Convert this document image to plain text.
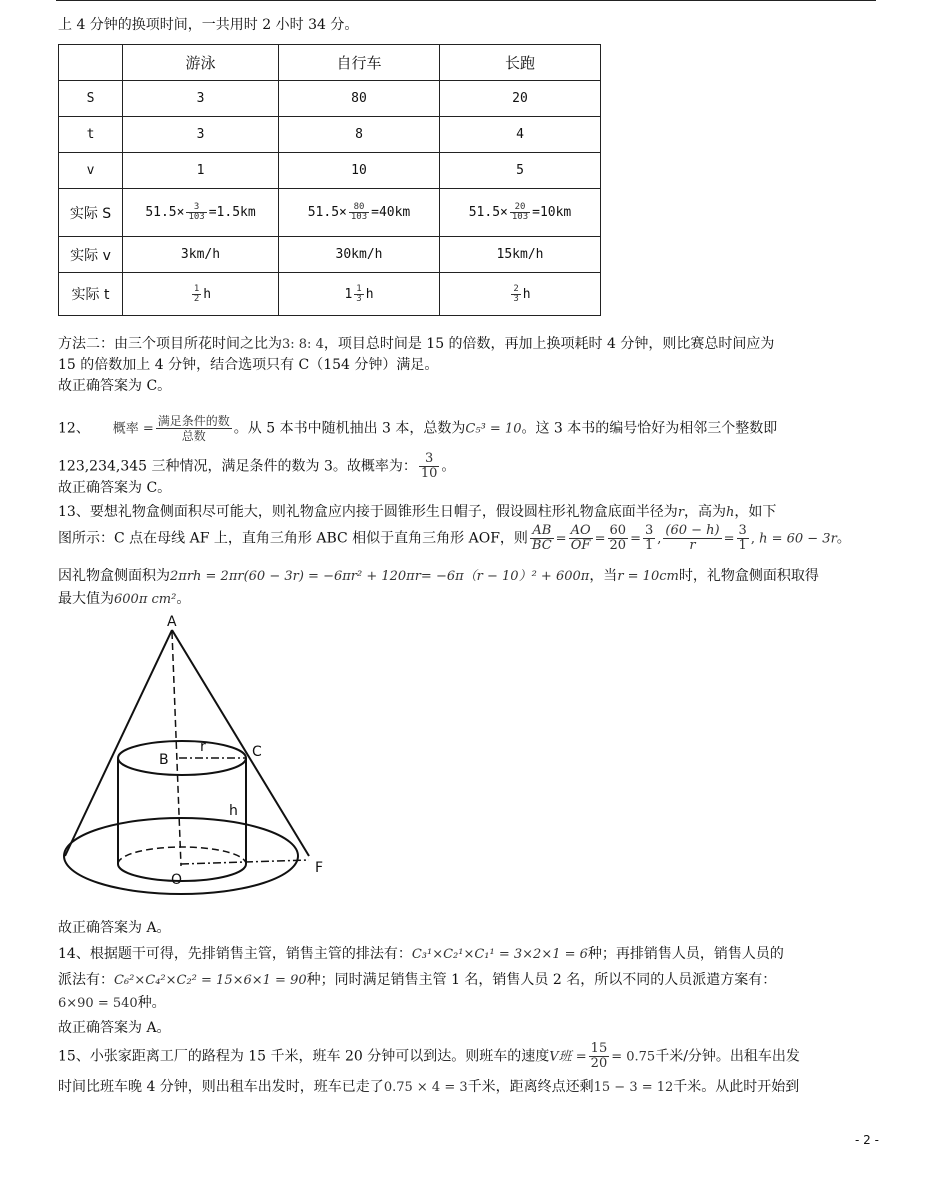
上 4 分钟的换项时间，一共用时 2 小时 34 分。
	游泳	自行车	长跑
S	3	80	20
t	3	8	4
v	1	10	5
实际 S	$51.5\times \frac{3}{103} =1.5km$	$51.5\times \frac{80}{103} =40km$	$51.5\times \frac{20}{103} =10km$
实际 v	3km/h	30km/h	15km/h
实际 t	$\frac{1}{2}$ h	$1 \frac{1}{3}$ h	$\frac{2}{3}$ h
方法二：由三个项目所花时间之比为3: 8: 4，项目总时间是 15 的倍数，再加上换项耗时 4 分钟，则比赛总时间应为
15 的倍数加上 4 分钟，结合选项只有 C（154 分钟）满足。
故正确答案为 C。
12、 概率 = $\frac{\text{满足条件的数}}{\text{总数}}$ 。从 5 本书中随机抽出 3 本，总数为C₅³ = 10。这 3 本书的编号恰好为相邻三个整数即
123,234,345 三种情况，满足条件的数为 3。故概率为： $\frac{3}{10}$ 。
故正确答案为 C。
13、要想礼物盒侧面积尽可能大，则礼物盒应内接于圆锥形生日帽子，假设圆柱形礼物盒底面半径为r，高为h，如下
图所示：C 点在母线 AF 上，直角三角形 ABC 相似于直角三角形 AOF，则 $\frac{AB}{BC} = \frac{AO}{OF} = \frac{60}{20} = \frac{3}{1}$ , $\frac{(60 - h)}{r} = \frac{3}{1}$ , h = 60 − 3r。
因礼物盒侧面积为2πrh = 2πr(60 − 3r) = −6πr² + 120πr= −6π（r − 10）² + 600π，当r = 10cm时，礼物盒侧面积取得
最大值为600π cm²。
A
B
r	C
h
O
F
故正确答案为 A。
14、根据题干可得，先排销售主管，销售主管的排法有：C₃¹×C₂¹×C₁¹ = 3×2×1 = 6种；再排销售人员，销售人员的
派法有：C₆²×C₄²×C₂² = 15×6×1 = 90种；同时满足销售主管 1 名，销售人员 2 名，所以不同的人员派遣方案有：
6×90 = 540种。
故正确答案为 A。
15、小张家距离工厂的路程为 15 千米，班车 20 分钟可以到达。则班车的速度V班 = $\frac{15}{20} = 0.75$千米/分钟。出租车出发
时间比班车晚 4 分钟，则出租车出发时，班车已走了0.75 × 4 = 3千米，距离终点还剩15 − 3 = 12千米。从此时开始到
- 2 -
